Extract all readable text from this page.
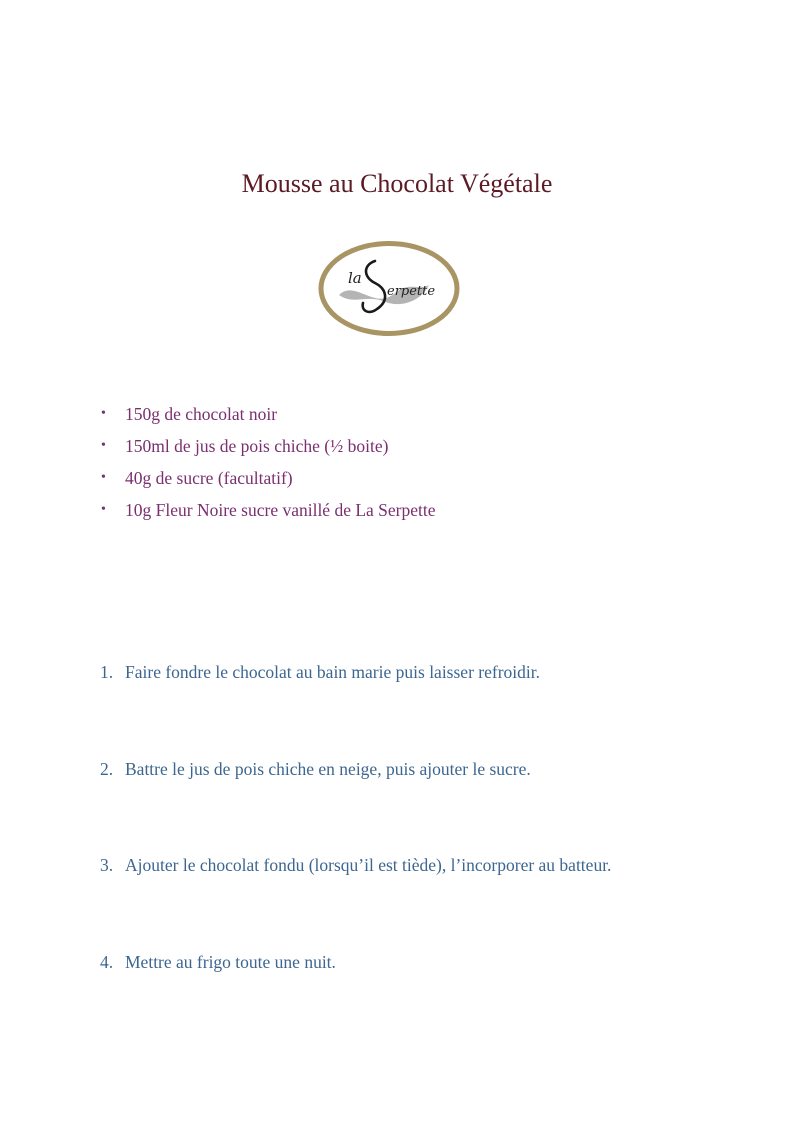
Mousse au Chocolat Végétale
la
erpette
• 150g de chocolat noir
• 150ml de jus de pois chiche (½ boite)
• 40g de sucre (facultatif)
• 10g Fleur Noire sucre vanillé de La Serpette
1. Faire fondre le chocolat au bain marie puis laisser refroidir.
2. Battre le jus de pois chiche en neige, puis ajouter le sucre.
3. Ajouter le chocolat fondu (lorsqu’il est tiède), l’incorporer au batteur.
4. Mettre au frigo toute une nuit.
